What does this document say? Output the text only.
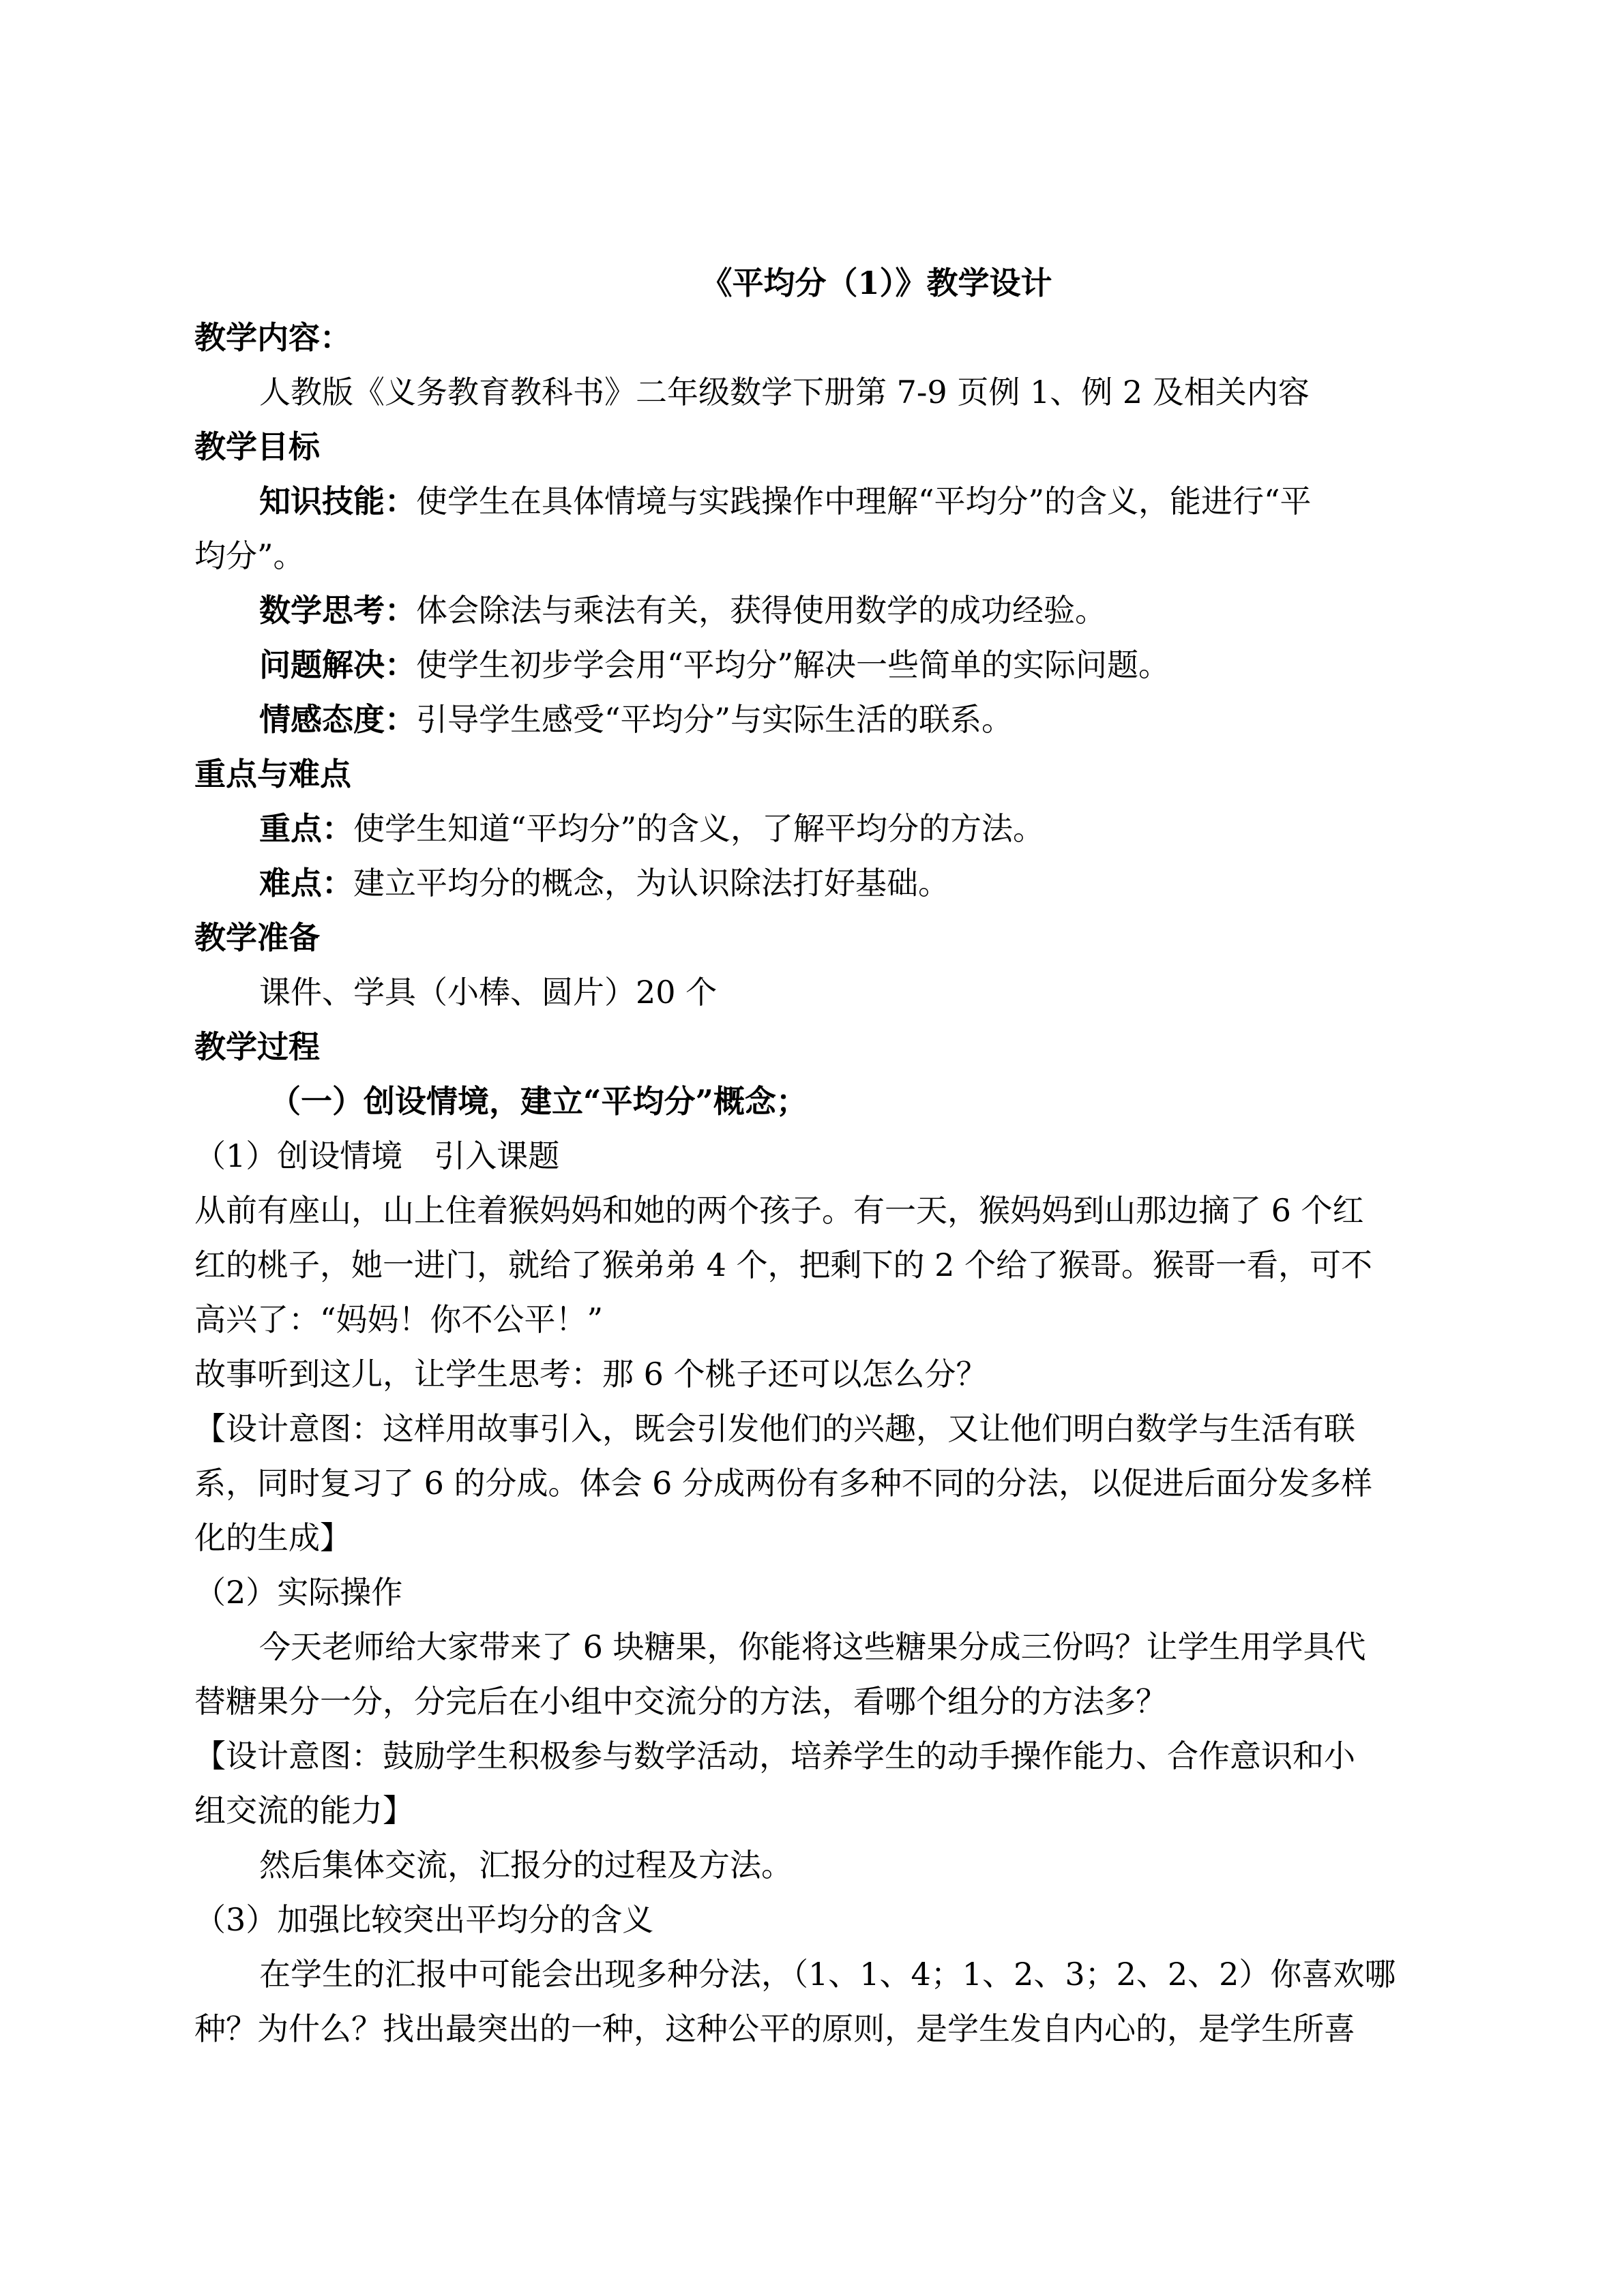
《平均分（1）》教学设计
教学内容：
人教版《义务教育教科书》二年级数学下册第 7-9 页例 1、例 2 及相关内容
教学目标
知识技能：使学生在具体情境与实践操作中理解“平均分”的含义，能进行“平
均分”。
数学思考：体会除法与乘法有关，获得使用数学的成功经验。
问题解决：使学生初步学会用“平均分”解决一些简单的实际问题。
情感态度：引导学生感受“平均分”与实际生活的联系。
重点与难点
重点：使学生知道“平均分”的含义，了解平均分的方法。
难点：建立平均分的概念，为认识除法打好基础。
教学准备
课件、学具（小棒、圆片）20 个
教学过程
（一）创设情境，建立“平均分”概念；
（1）创设情境　引入课题
从前有座山，山上住着猴妈妈和她的两个孩子。有一天，猴妈妈到山那边摘了 6 个红
红的桃子，她一进门，就给了猴弟弟 4 个，把剩下的 2 个给了猴哥。猴哥一看，可不
高兴了：“妈妈！你不公平！”
故事听到这儿，让学生思考：那 6 个桃子还可以怎么分？
【设计意图：这样用故事引入，既会引发他们的兴趣，又让他们明白数学与生活有联
系，同时复习了 6 的分成。体会 6 分成两份有多种不同的分法，以促进后面分发多样
化的生成】
（2）实际操作
今天老师给大家带来了 6 块糖果，你能将这些糖果分成三份吗？让学生用学具代
替糖果分一分，分完后在小组中交流分的方法，看哪个组分的方法多？
【设计意图：鼓励学生积极参与数学活动，培养学生的动手操作能力、合作意识和小
组交流的能力】
然后集体交流，汇报分的过程及方法。
（3）加强比较突出平均分的含义
在学生的汇报中可能会出现多种分法，（1、1、4；1、2、3；2、2、2）你喜欢哪
种？为什么？找出最突出的一种，这种公平的原则，是学生发自内心的，是学生所喜
